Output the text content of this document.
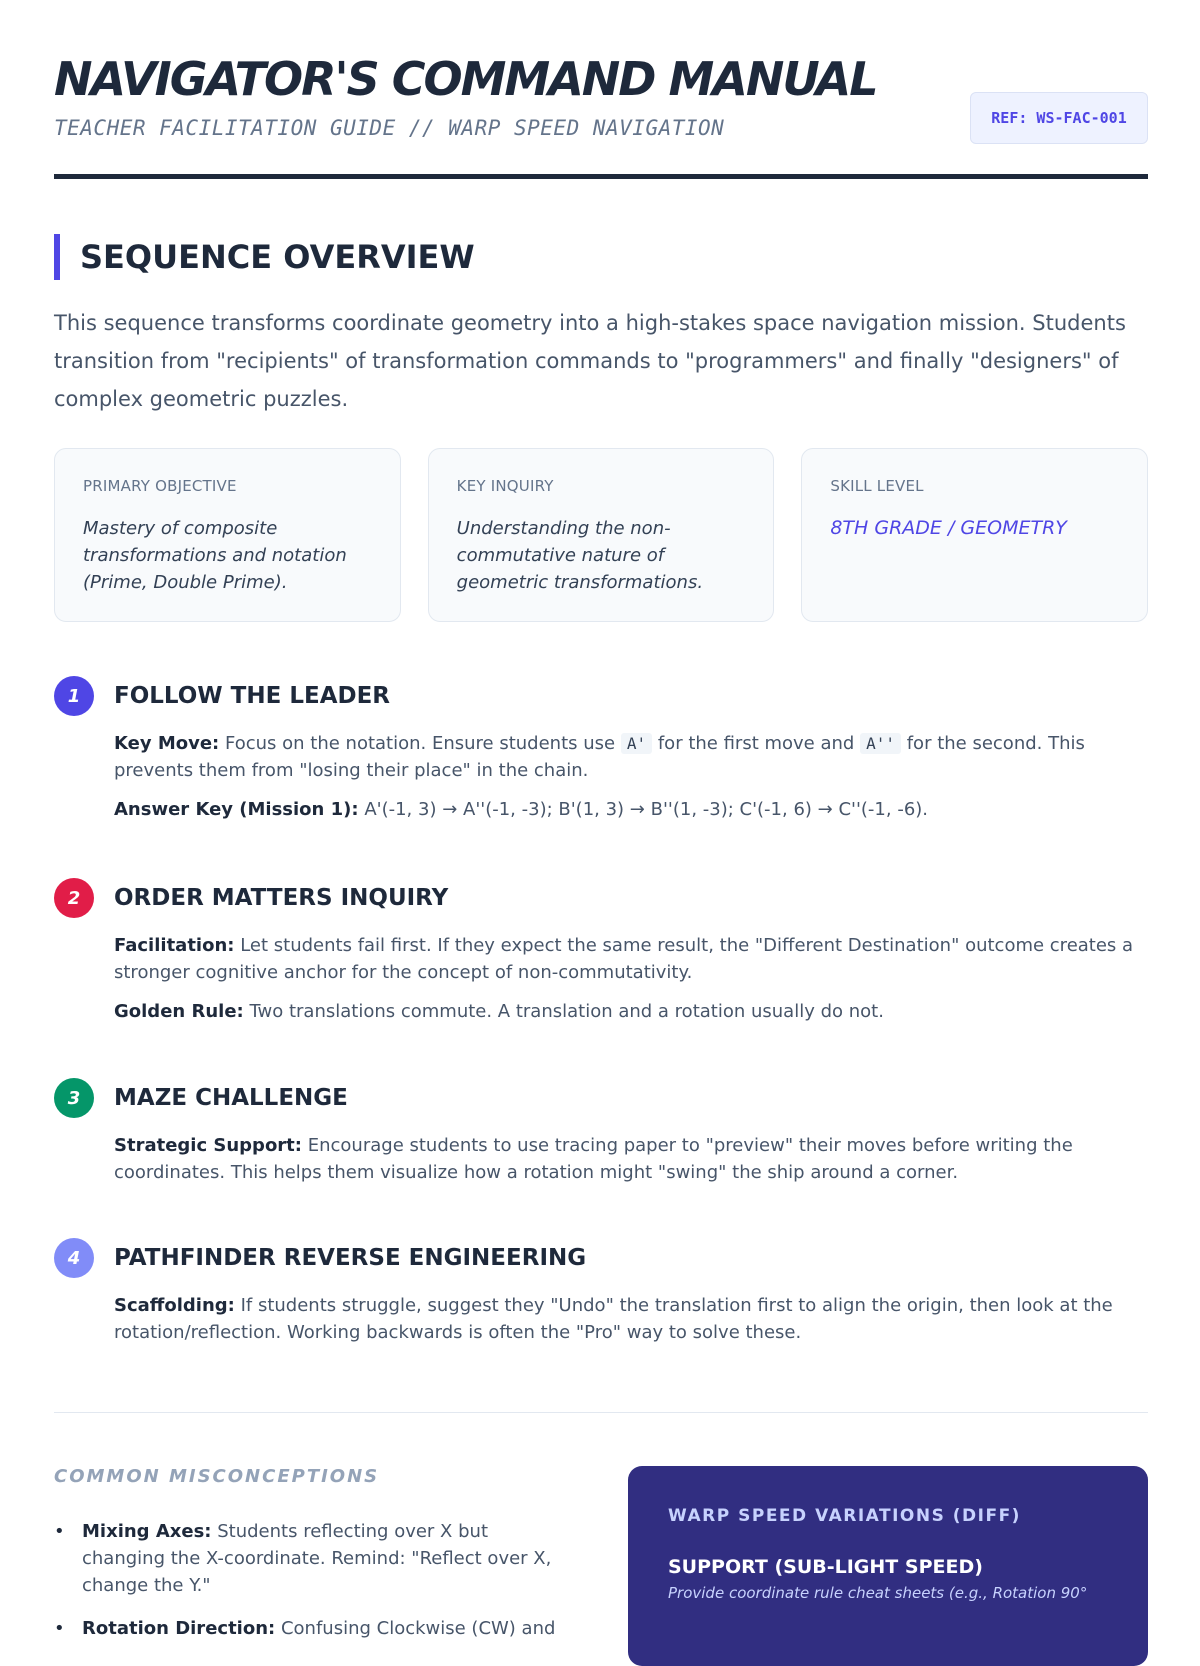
NAVIGATOR'S COMMAND MANUAL
TEACHER FACILITATION GUIDE // WARP SPEED NAVIGATION	REF: WS-FAC-001
SEQUENCE OVERVIEW

This sequence transforms coordinate geometry into a high-stakes space navigation mission. Students transition from "recipients" of transformation commands to "programmers" and finally "designers" of complex geometric puzzles.

PRIMARY OBJECTIVE
Mastery of composite transformations and notation (Prime, Double Prime).
KEY INQUIRY
Understanding the non-commutative nature of geometric transformations.
SKILL LEVEL
8TH GRADE / GEOMETRY
1	FOLLOW THE LEADER

Key Move: Focus on the notation. Ensure students use A' for the first move and A'' for the second. This prevents them from "losing their place" in the chain.

Answer Key (Mission 1): A'(-1, 3) → A''(-1, -3); B'(1, 3) → B''(1, -3); C'(-1, 6) → C''(-1, -6).

2	ORDER MATTERS INQUIRY

Facilitation: Let students fail first. If they expect the same result, the "Different Destination" outcome creates a stronger cognitive anchor for the concept of non-commutativity.

Golden Rule: Two translations commute. A translation and a rotation usually do not.

3	MAZE CHALLENGE

Strategic Support: Encourage students to use tracing paper to "preview" their moves before writing the coordinates. This helps them visualize how a rotation might "swing" the ship around a corner.

4	PATHFINDER REVERSE ENGINEERING

Scaffolding: If students struggle, suggest they "Undo" the translation first to align the origin, then look at the rotation/reflection. Working backwards is often the "Pro" way to solve these.

COMMON MISCONCEPTIONS
• Mixing Axes: Students reflecting over X but changing the X-coordinate. Remind: "Reflect over X, change the Y."
• Rotation Direction: Confusing Clockwise (CW) and
WARP SPEED VARIATIONS (DIFF)
SUPPORT (SUB-LIGHT SPEED)
Provide coordinate rule cheat sheets (e.g., Rotation 90°
